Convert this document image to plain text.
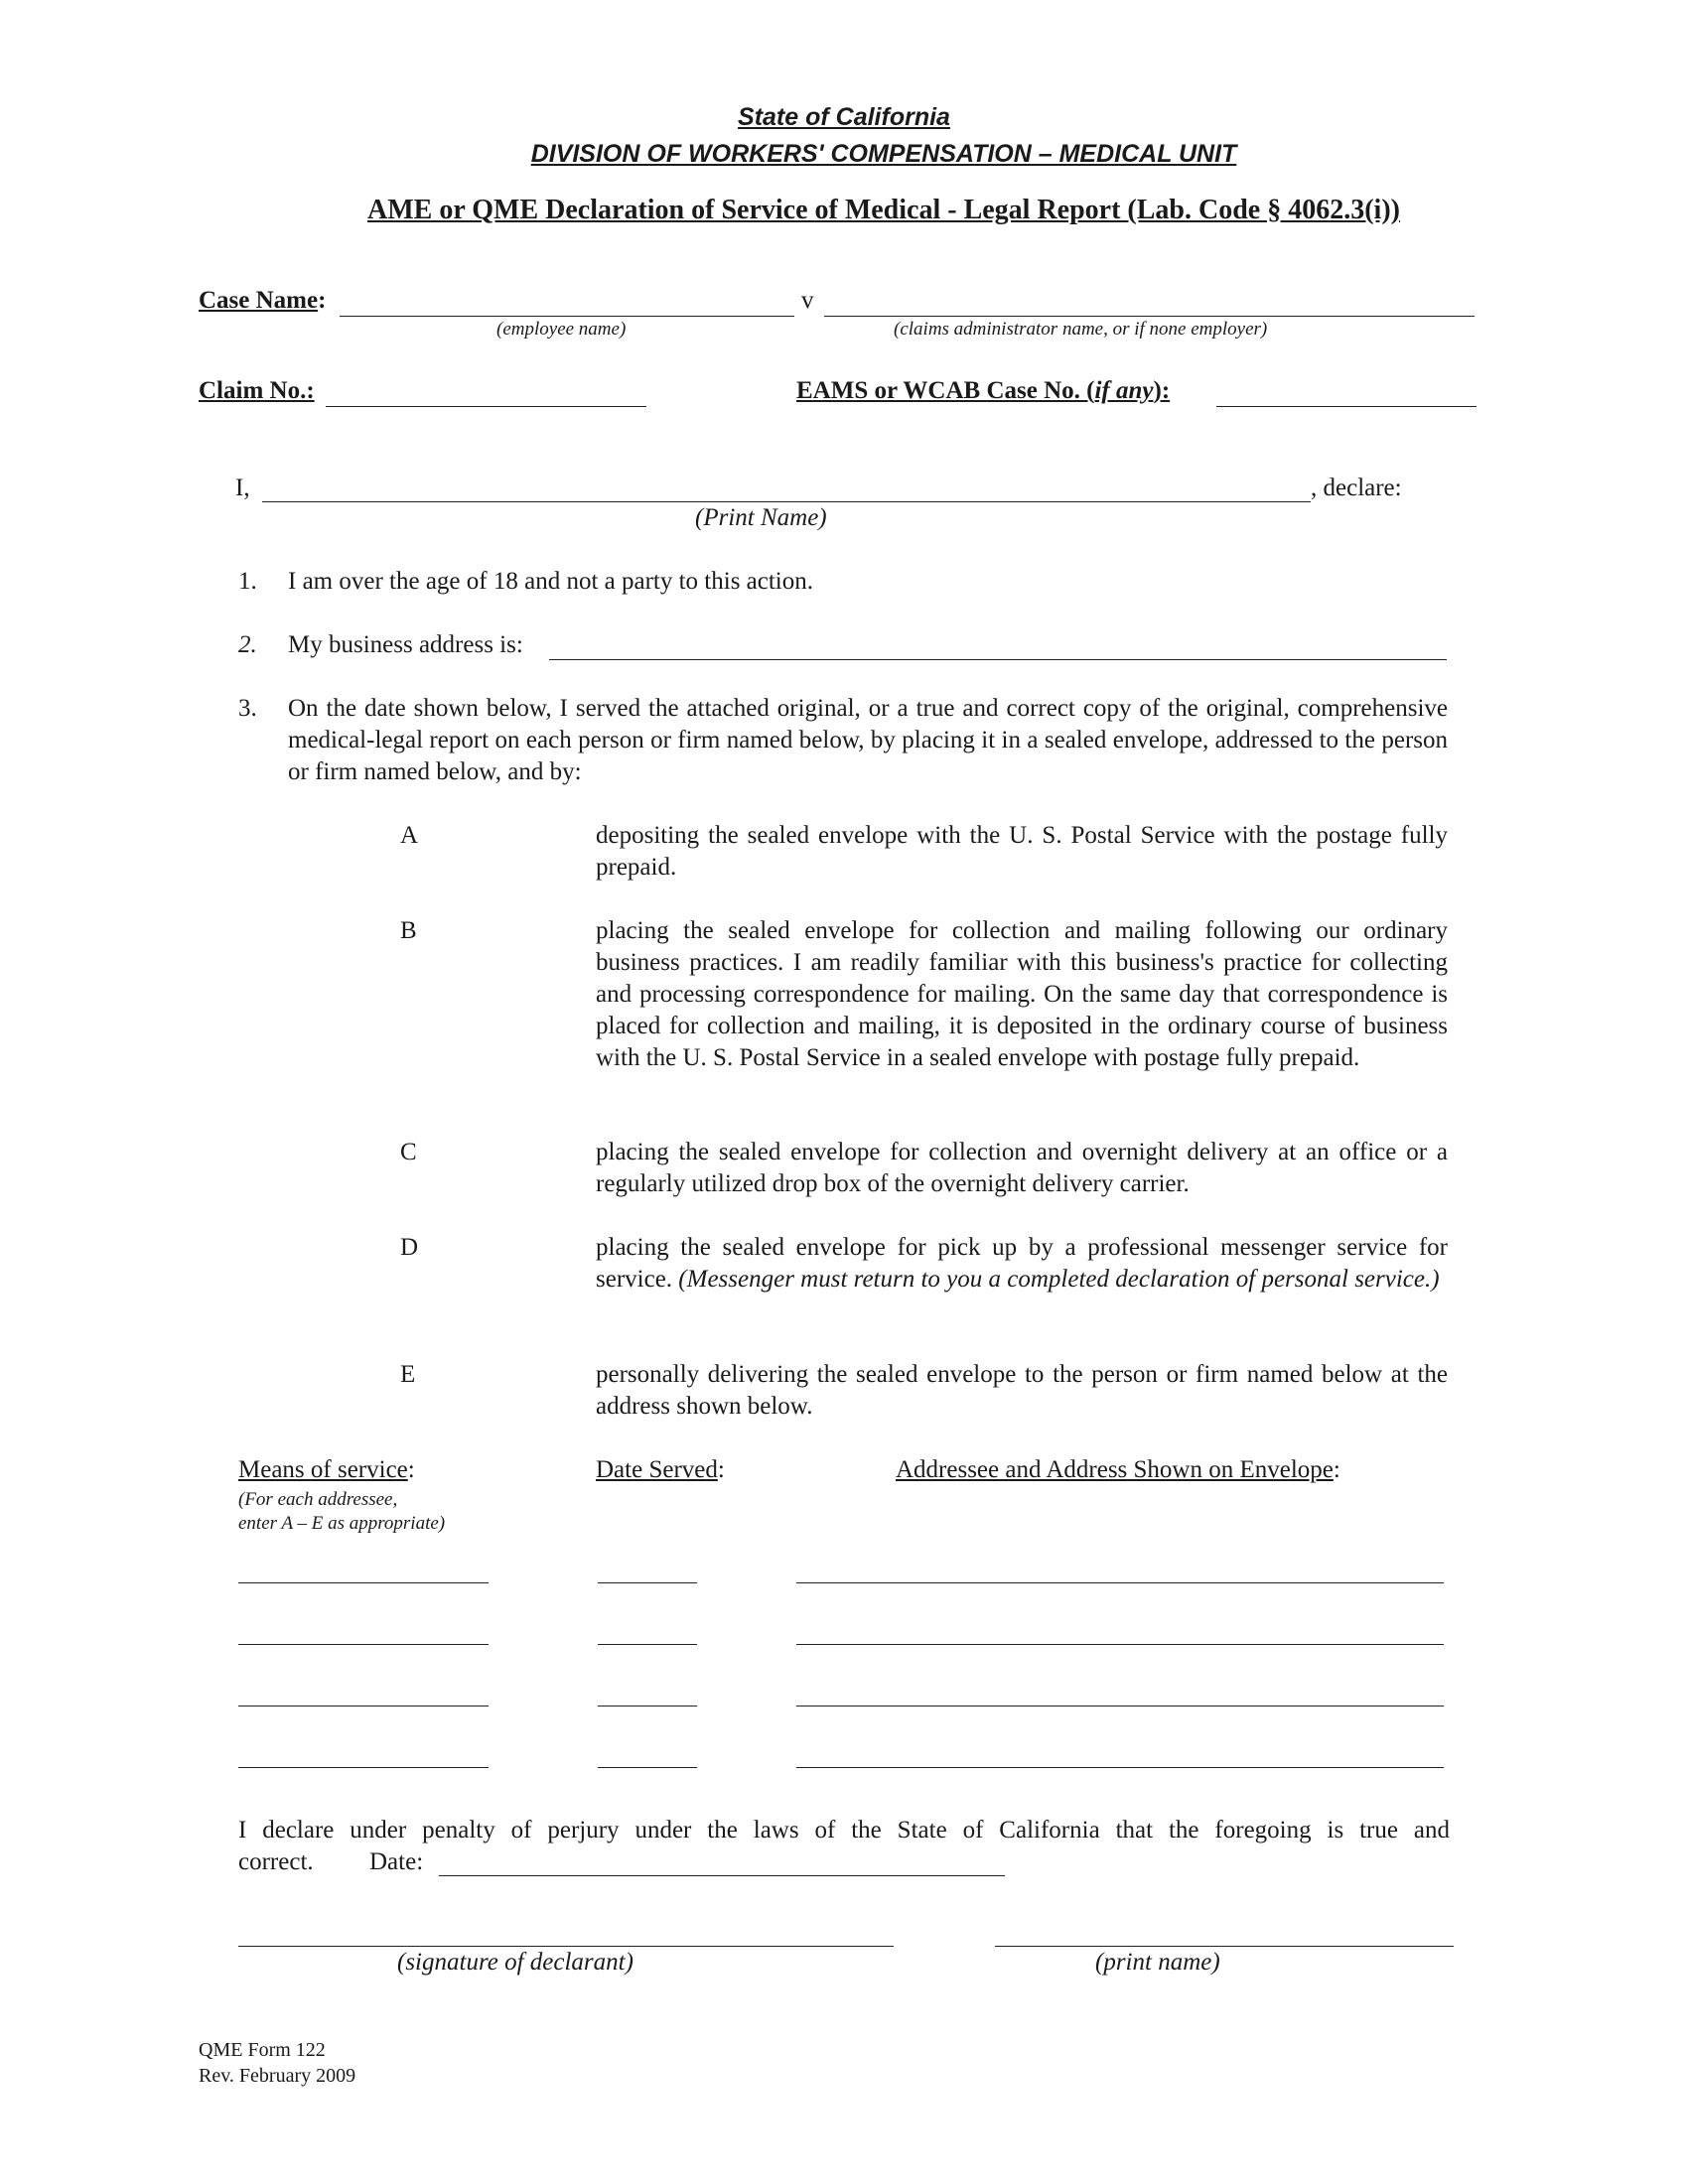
State of California
DIVISION OF WORKERS' COMPENSATION – MEDICAL UNIT
AME or QME Declaration of Service of Medical - Legal Report (Lab. Code § 4062.3(i))
Case Name:	v
(employee name)	(claims administrator name, or if none employer)
Claim No.:	EAMS or WCAB Case No. (if any):
I,	, declare:
(Print Name)
1. I am over the age of 18 and not a party to this action.
2. My business address is:
3. On the date shown below, I served the attached original, or a true and correct copy of the original, comprehensive medical-legal report on each person or firm named below, by placing it in a sealed envelope, addressed to the person or firm named below, and by:
A	depositing the sealed envelope with the U. S. Postal Service with the postage fully prepaid.
B	placing the sealed envelope for collection and mailing following our ordinary business practices. I am readily familiar with this business's practice for collecting and processing correspondence for mailing. On the same day that correspondence is placed for collection and mailing, it is deposited in the ordinary course of business with the U. S. Postal Service in a sealed envelope with postage fully prepaid.
C	placing the sealed envelope for collection and overnight delivery at an office or a regularly utilized drop box of the overnight delivery carrier.
D	placing the sealed envelope for pick up by a professional messenger service for service. (Messenger must return to you a completed declaration of personal service.)
E	personally delivering the sealed envelope to the person or firm named below at the address shown below.
Means of service:
(For each addressee,
enter A – E as appropriate)
Date Served:	Addressee and Address Shown on Envelope:
I declare under penalty of perjury under the laws of the State of California that the foregoing is true and
correct. Date:
(signature of declarant)	(print name)
QME Form 122
Rev. February 2009
